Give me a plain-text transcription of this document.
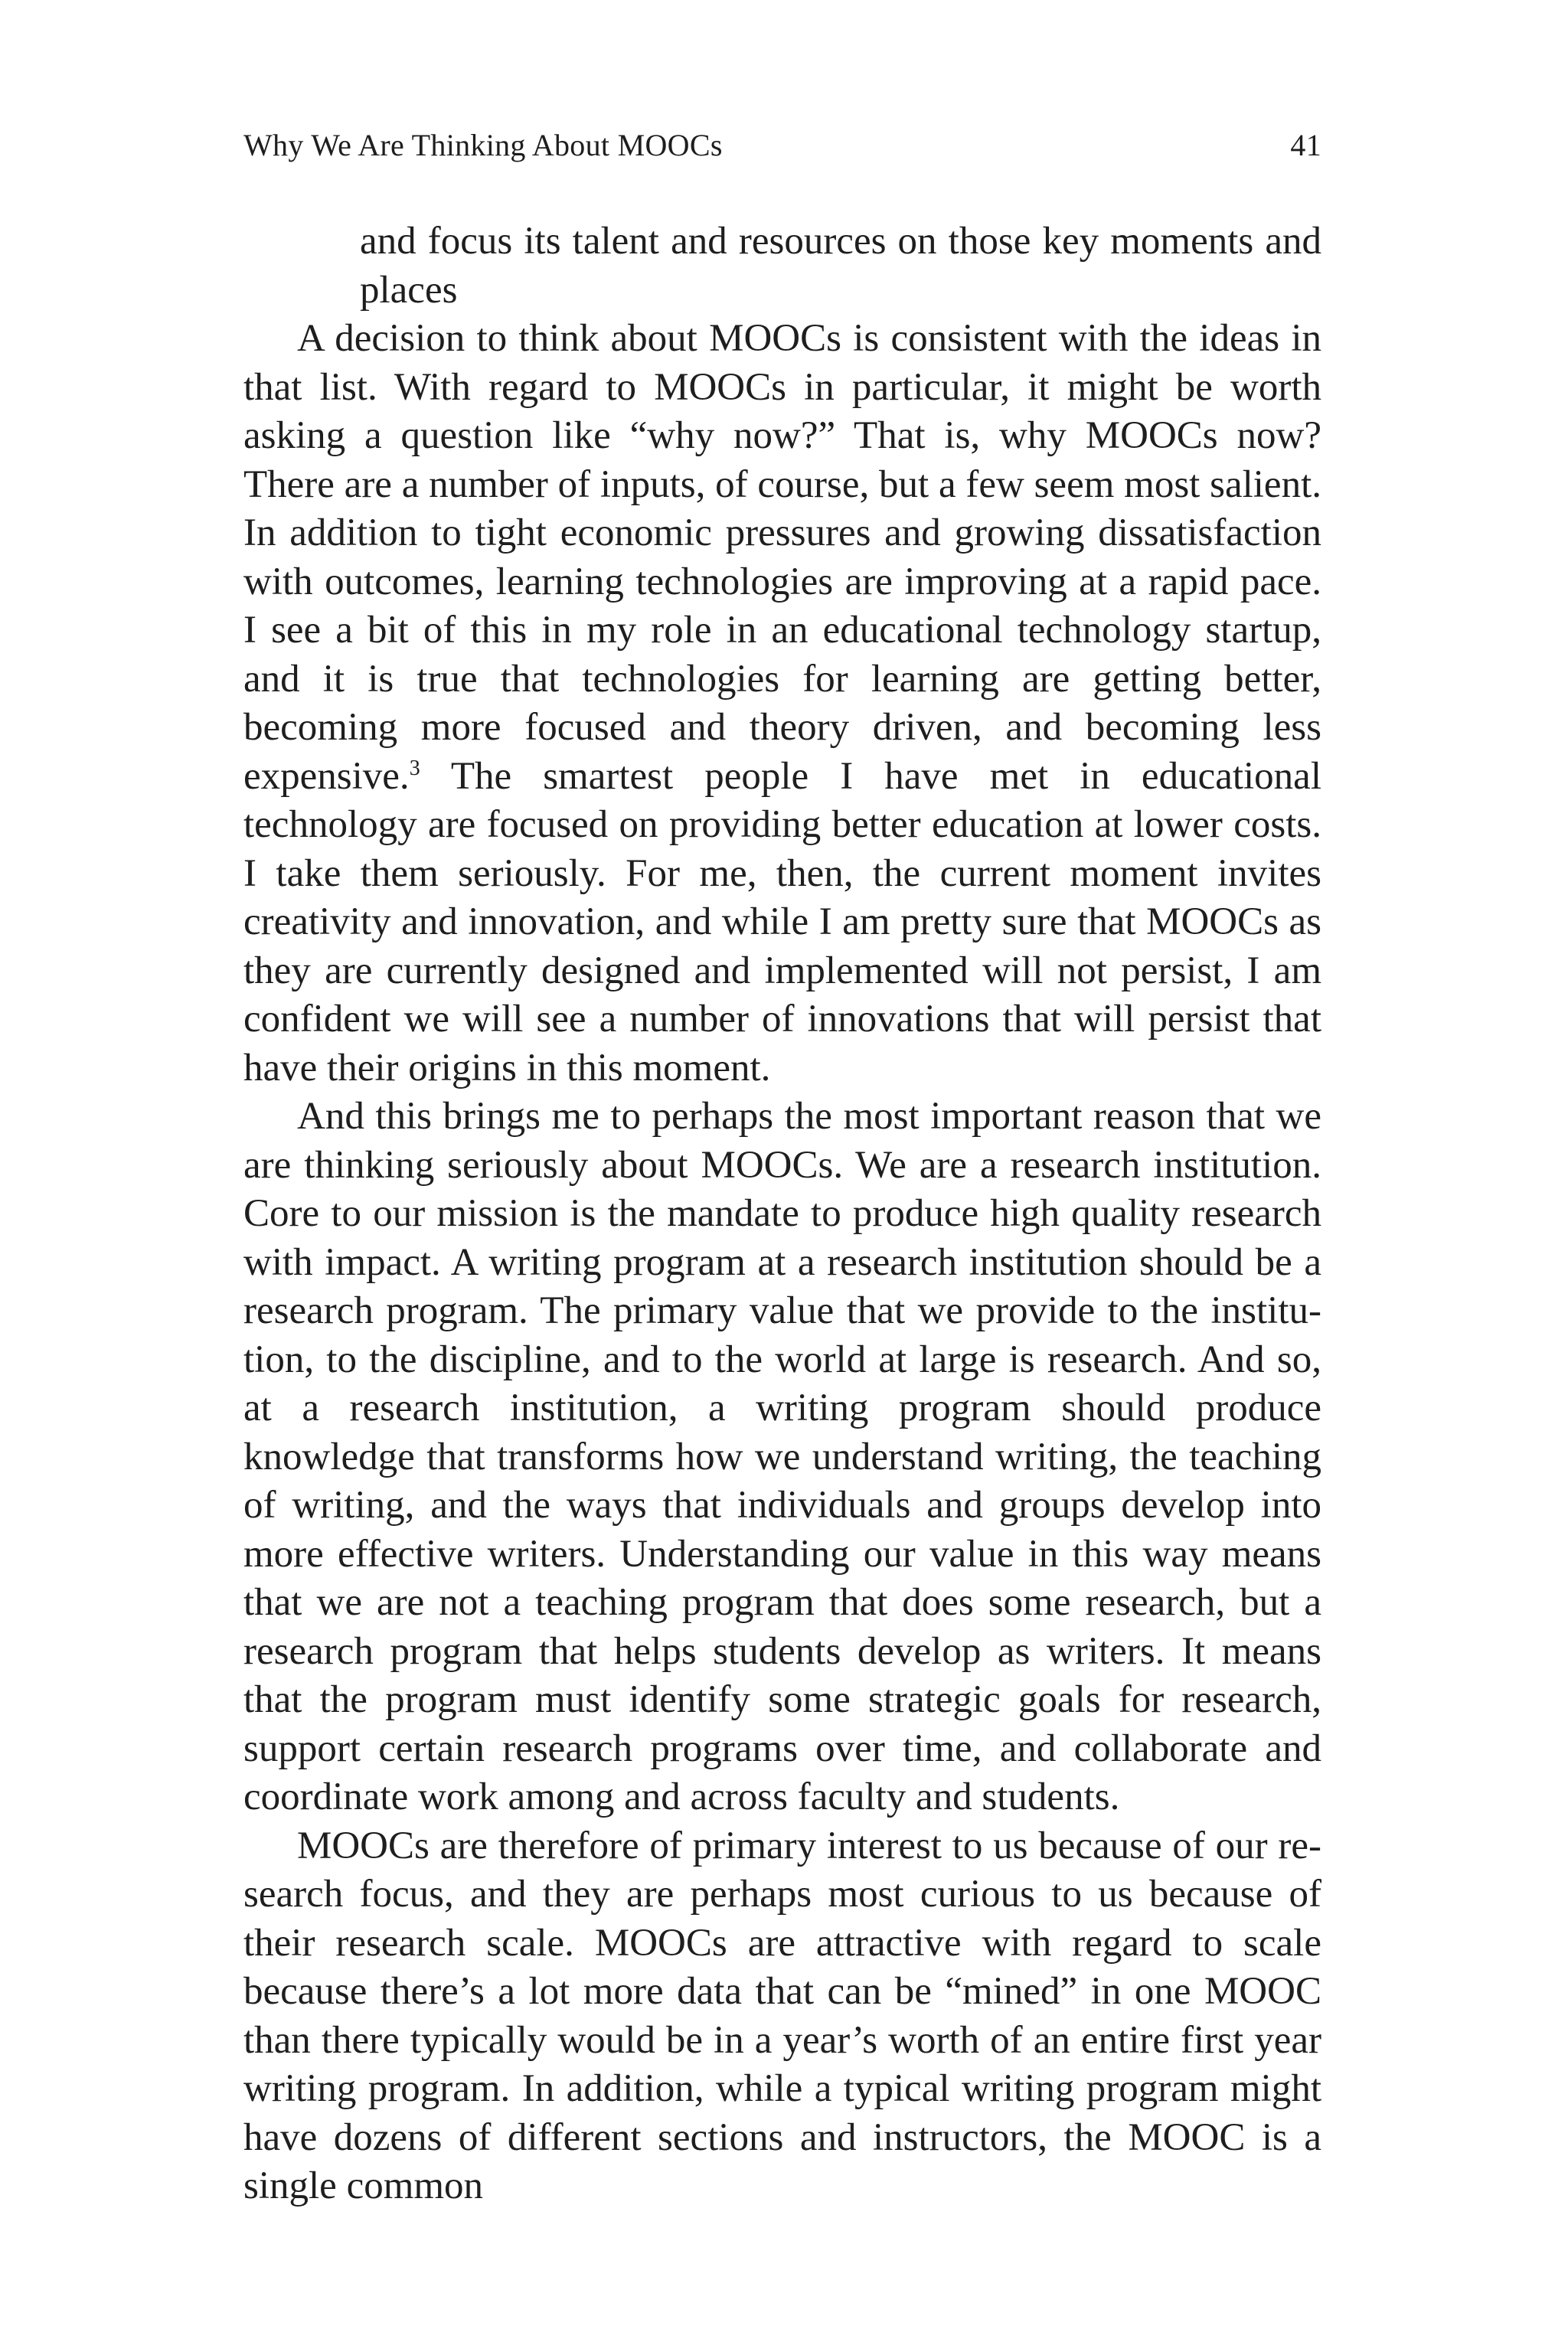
Why We Are Thinking About MOOCs	41

and focus its talent and resources on those key moments and places

A decision to think about MOOCs is consistent with the ideas in that list. With regard to MOOCs in particular, it might be worth asking a question like “why now?” That is, why MOOCs now? There are a number of inputs, of course, but a few seem most salient. In addition to tight economic pressures and growing dissatisfaction with outcomes, learning technologies are improving at a rapid pace. I see a bit of this in my role in an educational technology startup, and it is true that technologies for learning are getting better, becoming more focused and theory driven, and becoming less expensive.$^3$ The smartest people I have met in educational technology are focused on providing better education at lower costs. I take them seriously. For me, then, the current moment invites creativity and innovation, and while I am pretty sure that MOOCs as they are currently designed and implemented will not persist, I am confident we will see a number of innovations that will persist that have their origins in this moment.

And this brings me to perhaps the most important reason that we are thinking seriously about MOOCs. We are a research institution. Core to our mission is the mandate to produce high quality research with impact. A writing program at a research institution should be a research program. The primary value that we provide to the institution, to the discipline, and to the world at large is research. And so, at a research institution, a writing program should produce knowledge that transforms how we understand writing, the teaching of writing, and the ways that individuals and groups develop into more effective writers. Understanding our value in this way means that we are not a teaching program that does some research, but a research program that helps students develop as writers. It means that the program must identify some strategic goals for research, support certain research programs over time, and collaborate and coordinate work among and across faculty and students.

MOOCs are therefore of primary interest to us because of our research focus, and they are perhaps most curious to us because of their research scale. MOOCs are attractive with regard to scale because there’s a lot more data that can be “mined” in one MOOC than there typically would be in a year’s worth of an entire first year writing program. In addition, while a typical writing program might have dozens of different sections and instructors, the MOOC is a single common
